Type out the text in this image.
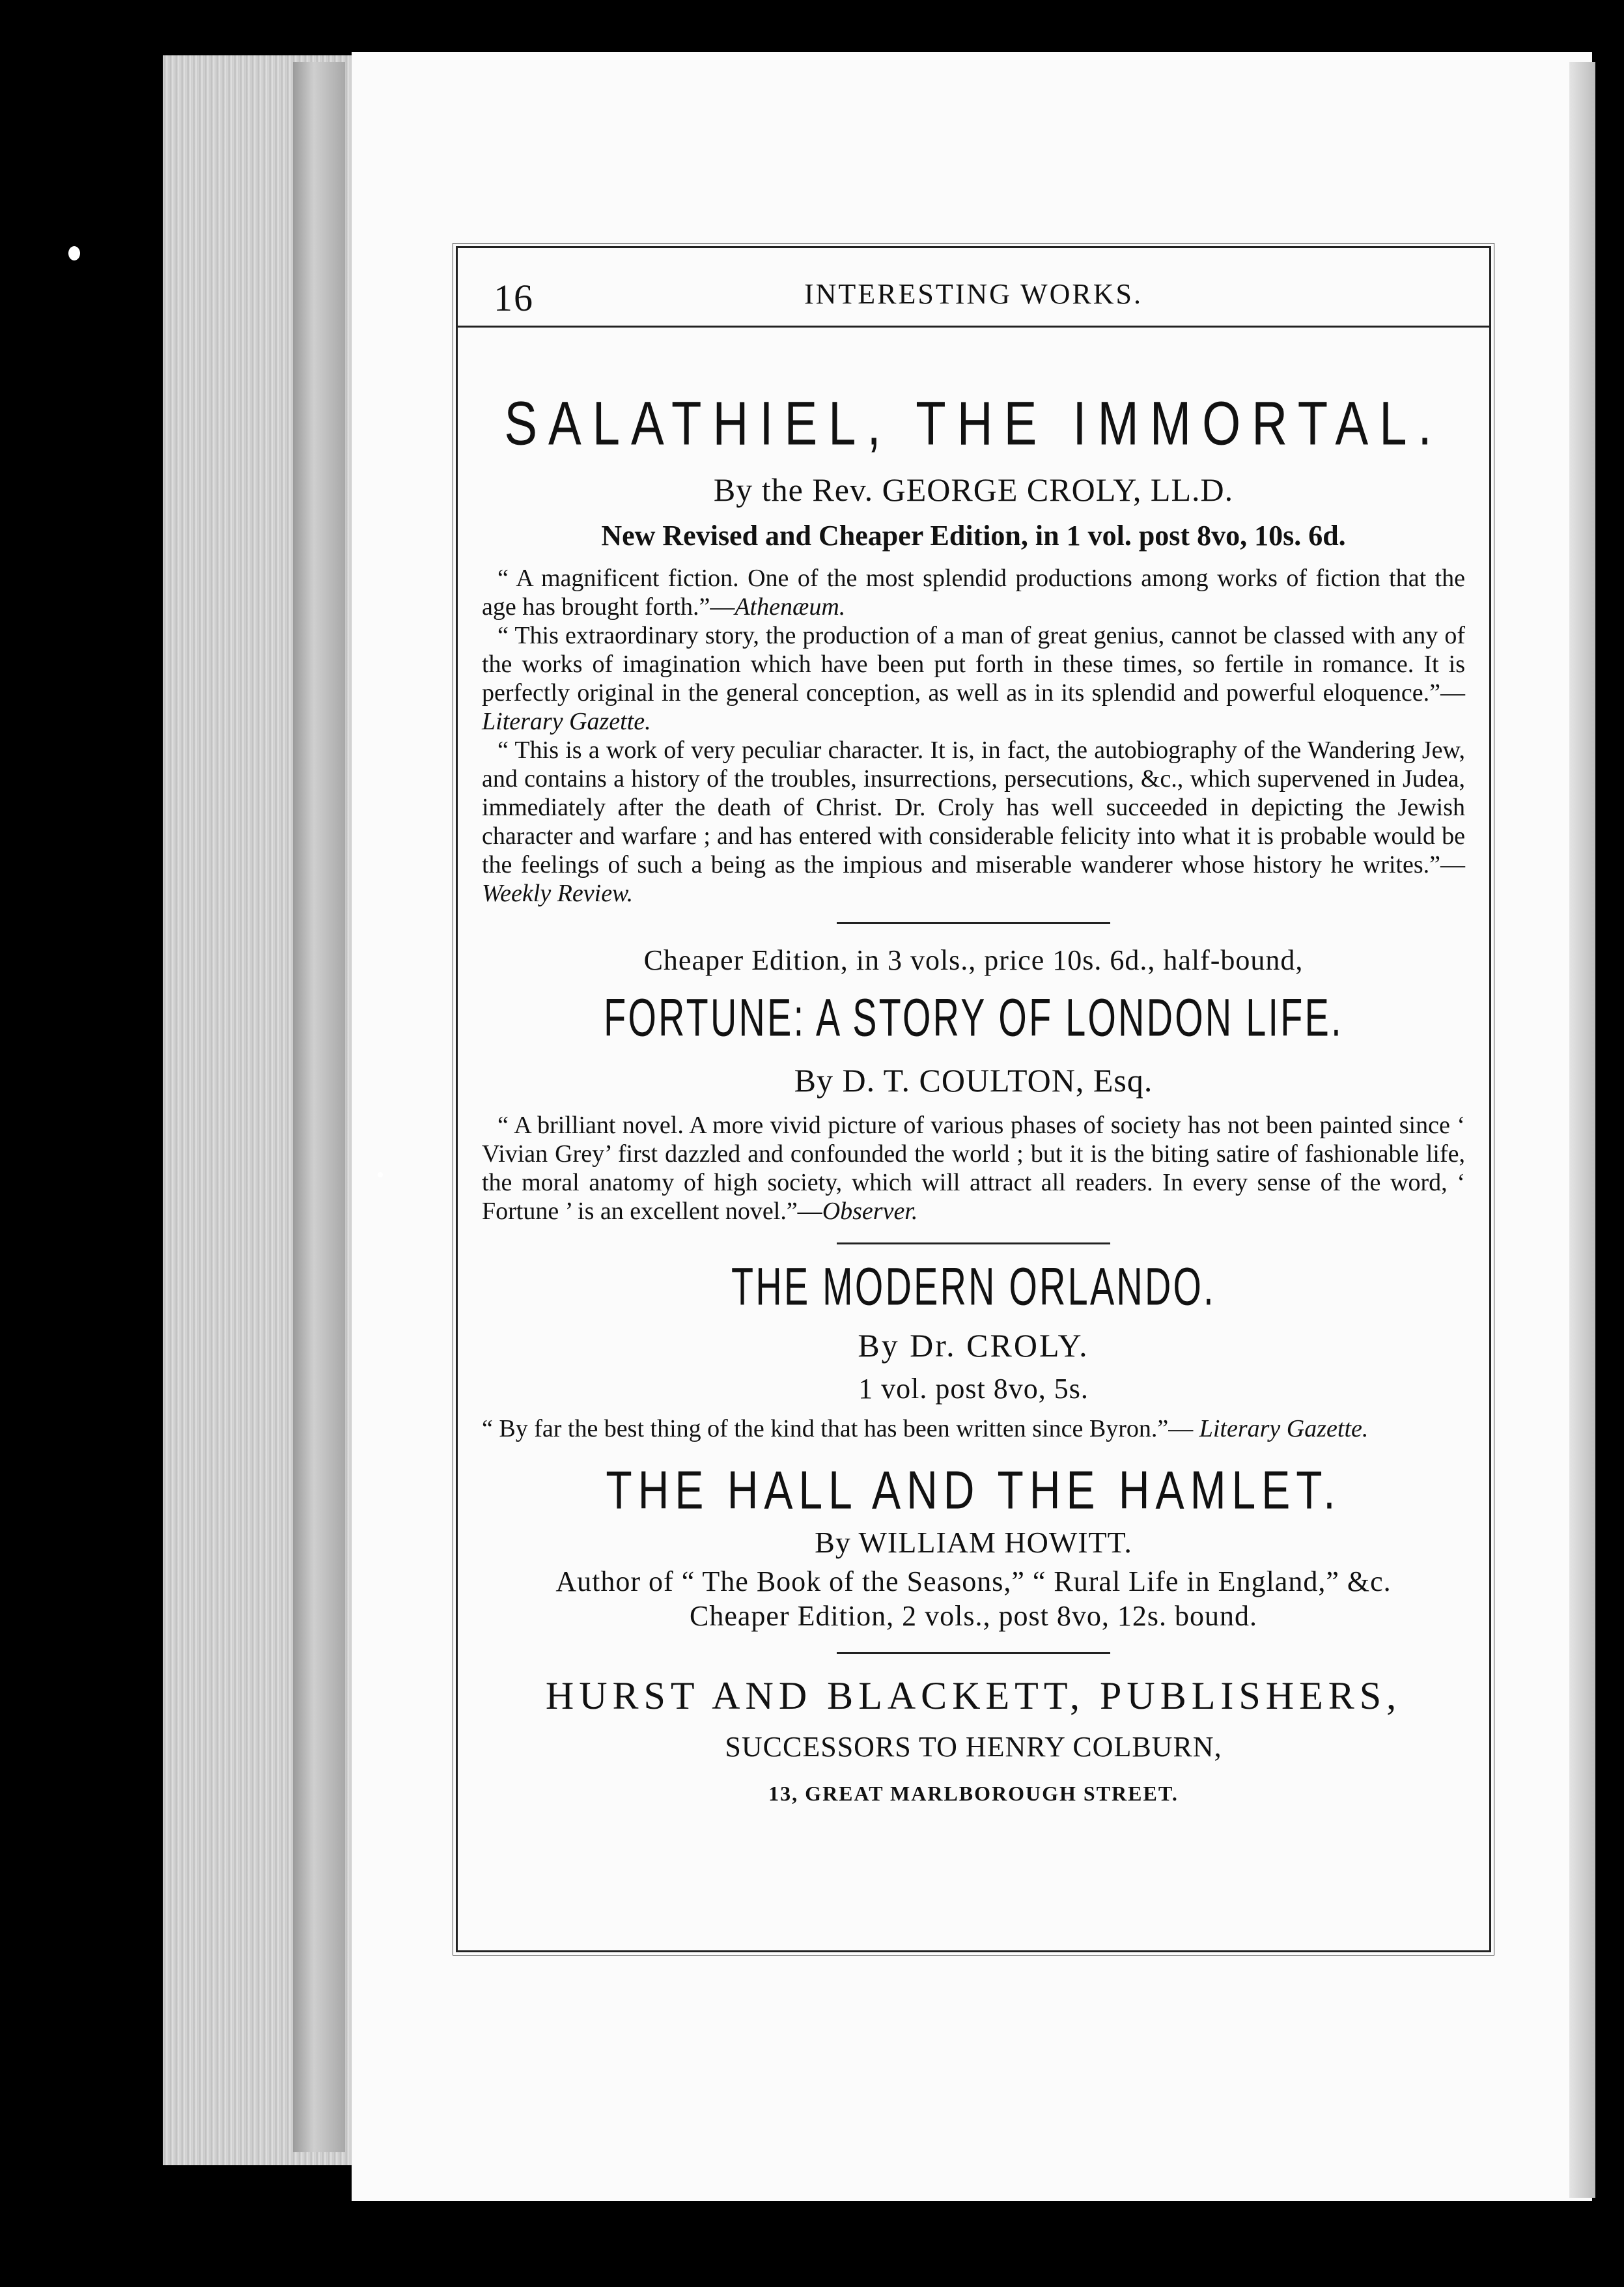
16	INTERESTING WORKS.
SALATHIEL, THE IMMORTAL.

By the Rev. GEORGE CROLY, LL.D.

New Revised and Cheaper Edition, in 1 vol. post 8vo, 10s. 6d.

“ A magnificent fiction. One of the most splendid productions among works of fiction that the age has brought forth.”—Athenæum.

“ This extraordinary story, the production of a man of great genius, cannot be classed with any of the works of imagination which have been put forth in these times, so fertile in romance. It is perfectly original in the general conception, as well as in its splendid and powerful eloquence.”—Literary Gazette.

“ This is a work of very peculiar character. It is, in fact, the autobiography of the Wandering Jew, and contains a history of the troubles, insurrections, persecutions, &c., which supervened in Judea, immediately after the death of Christ. Dr. Croly has well succeeded in depicting the Jewish character and warfare ; and has entered with considerable felicity into what it is probable would be the feelings of such a being as the impious and miserable wanderer whose history he writes.”—Weekly Review.

Cheaper Edition, in 3 vols., price 10s. 6d., half-bound,

FORTUNE: A STORY OF LONDON LIFE.

By D. T. COULTON, Esq.

“ A brilliant novel. A more vivid picture of various phases of society has not been painted since ‘ Vivian Grey’ first dazzled and confounded the world ; but it is the biting satire of fashionable life, the moral anatomy of high society, which will attract all readers. In every sense of the word, ‘ Fortune ’ is an excellent novel.”—Observer.

THE MODERN ORLANDO.

By Dr. CROLY.

1 vol. post 8vo, 5s.

“ By far the best thing of the kind that has been written since Byron.”— Literary Gazette.

THE HALL AND THE HAMLET.

By WILLIAM HOWITT.

Author of “ The Book of the Seasons,” “ Rural Life in England,” &c.

Cheaper Edition, 2 vols., post 8vo, 12s. bound.

HURST AND BLACKETT, PUBLISHERS,

SUCCESSORS TO HENRY COLBURN,

13, GREAT MARLBOROUGH STREET.
